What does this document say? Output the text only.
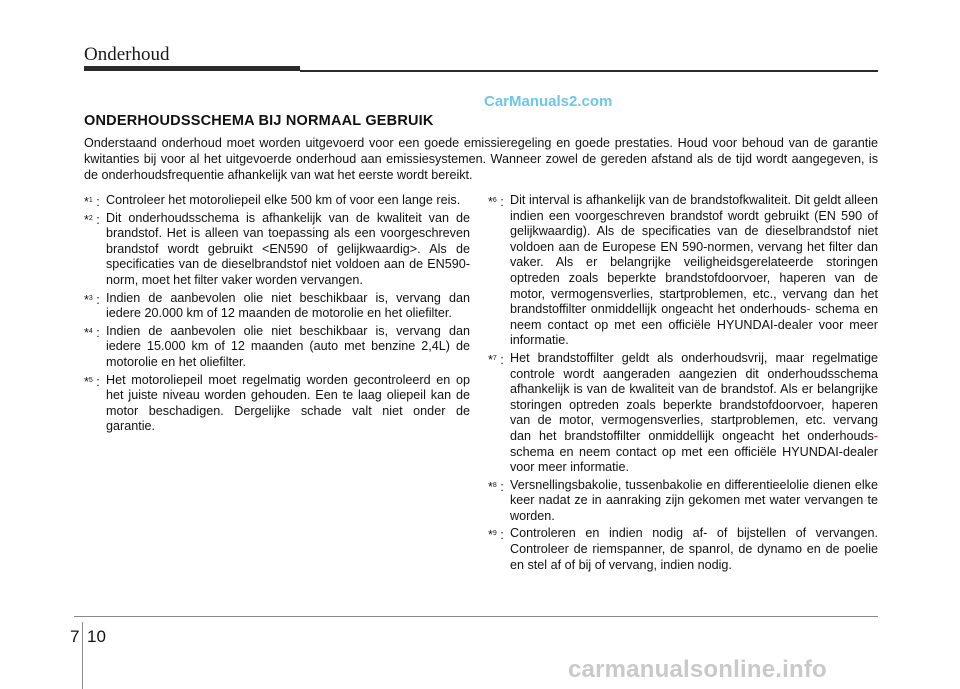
Onderhoud
CarManuals2.com
ONDERHOUDSSCHEMA BIJ NORMAAL GEBRUIK
Onderstaand onderhoud moet worden uitgevoerd voor een goede emissieregeling en goede prestaties. Houd voor behoud van de garantie kwitanties bij voor al het uitgevoerde onderhoud aan emissiesystemen. Wanneer zowel de gereden afstand als de tijd wordt aangegeven, is de onderhoudsfrequentie afhankelijk van wat het eerste wordt bereikt.
*$^1$ : Controleer het motoroliepeil elke 500 km of voor een lange reis.
*$^2$ : Dit onderhoudsschema is afhankelijk van de kwaliteit van de brandstof. Het is alleen van toepassing als een voorgeschreven brandstof wordt gebruikt <EN590 of gelijkwaardig>. Als de specificaties van de dieselbrandstof niet voldoen aan de EN590-norm, moet het filter vaker worden vervangen.
*$^3$ : Indien de aanbevolen olie niet beschikbaar is, vervang dan iedere 20.000 km of 12 maanden de motorolie en het oliefilter.
*$^4$ : Indien de aanbevolen olie niet beschikbaar is, vervang dan iedere 15.000 km of 12 maanden (auto met benzine 2,4L) de motorolie en het oliefilter.
*$^5$ : Het motoroliepeil moet regelmatig worden gecontroleerd en op het juiste niveau worden gehouden. Een te laag oliepeil kan de motor beschadigen. Dergelijke schade valt niet onder de garantie.
*$^6$ : Dit interval is afhankelijk van de brandstofkwaliteit. Dit geldt alleen indien een voorgeschreven brandstof wordt gebruikt (EN 590 of gelijkwaardig). Als de specificaties van de dieselbrandstof niet voldoen aan de Europese EN 590-normen, vervang het filter dan vaker. Als er belangrijke veiligheidsgerelateerde storingen optreden zoals beperkte brandstofdoorvoer, haperen van de motor, vermogensverlies, startproblemen, etc., vervang dan het brandstoffilter onmiddellijk ongeacht het onderhouds- schema en neem contact op met een officiële HYUNDAI-dealer voor meer informatie.
*$^7$ : Het brandstoffilter geldt als onderhoudsvrij, maar regelmatige controle wordt aangeraden aangezien dit onderhoudsschema afhankelijk is van de kwaliteit van de brandstof. Als er belangrijke storingen optreden zoals beperkte brandstofdoorvoer, haperen van de motor, vermogensverlies, startproblemen, etc. vervang dan het brandstoffilter onmiddellijk ongeacht het onderhouds- schema en neem contact op met een officiële HYUNDAI-dealer voor meer informatie.
*$^8$ : Versnellingsbakolie, tussenbakolie en differentieelolie dienen elke keer nadat ze in aanraking zijn gekomen met water vervangen te worden.
*$^9$ : Controleren en indien nodig af- of bijstellen of vervangen. Controleer de riemspanner, de spanrol, de dynamo en de poelie en stel af of bij of vervang, indien nodig.
7 10
carmanualsonline.info
